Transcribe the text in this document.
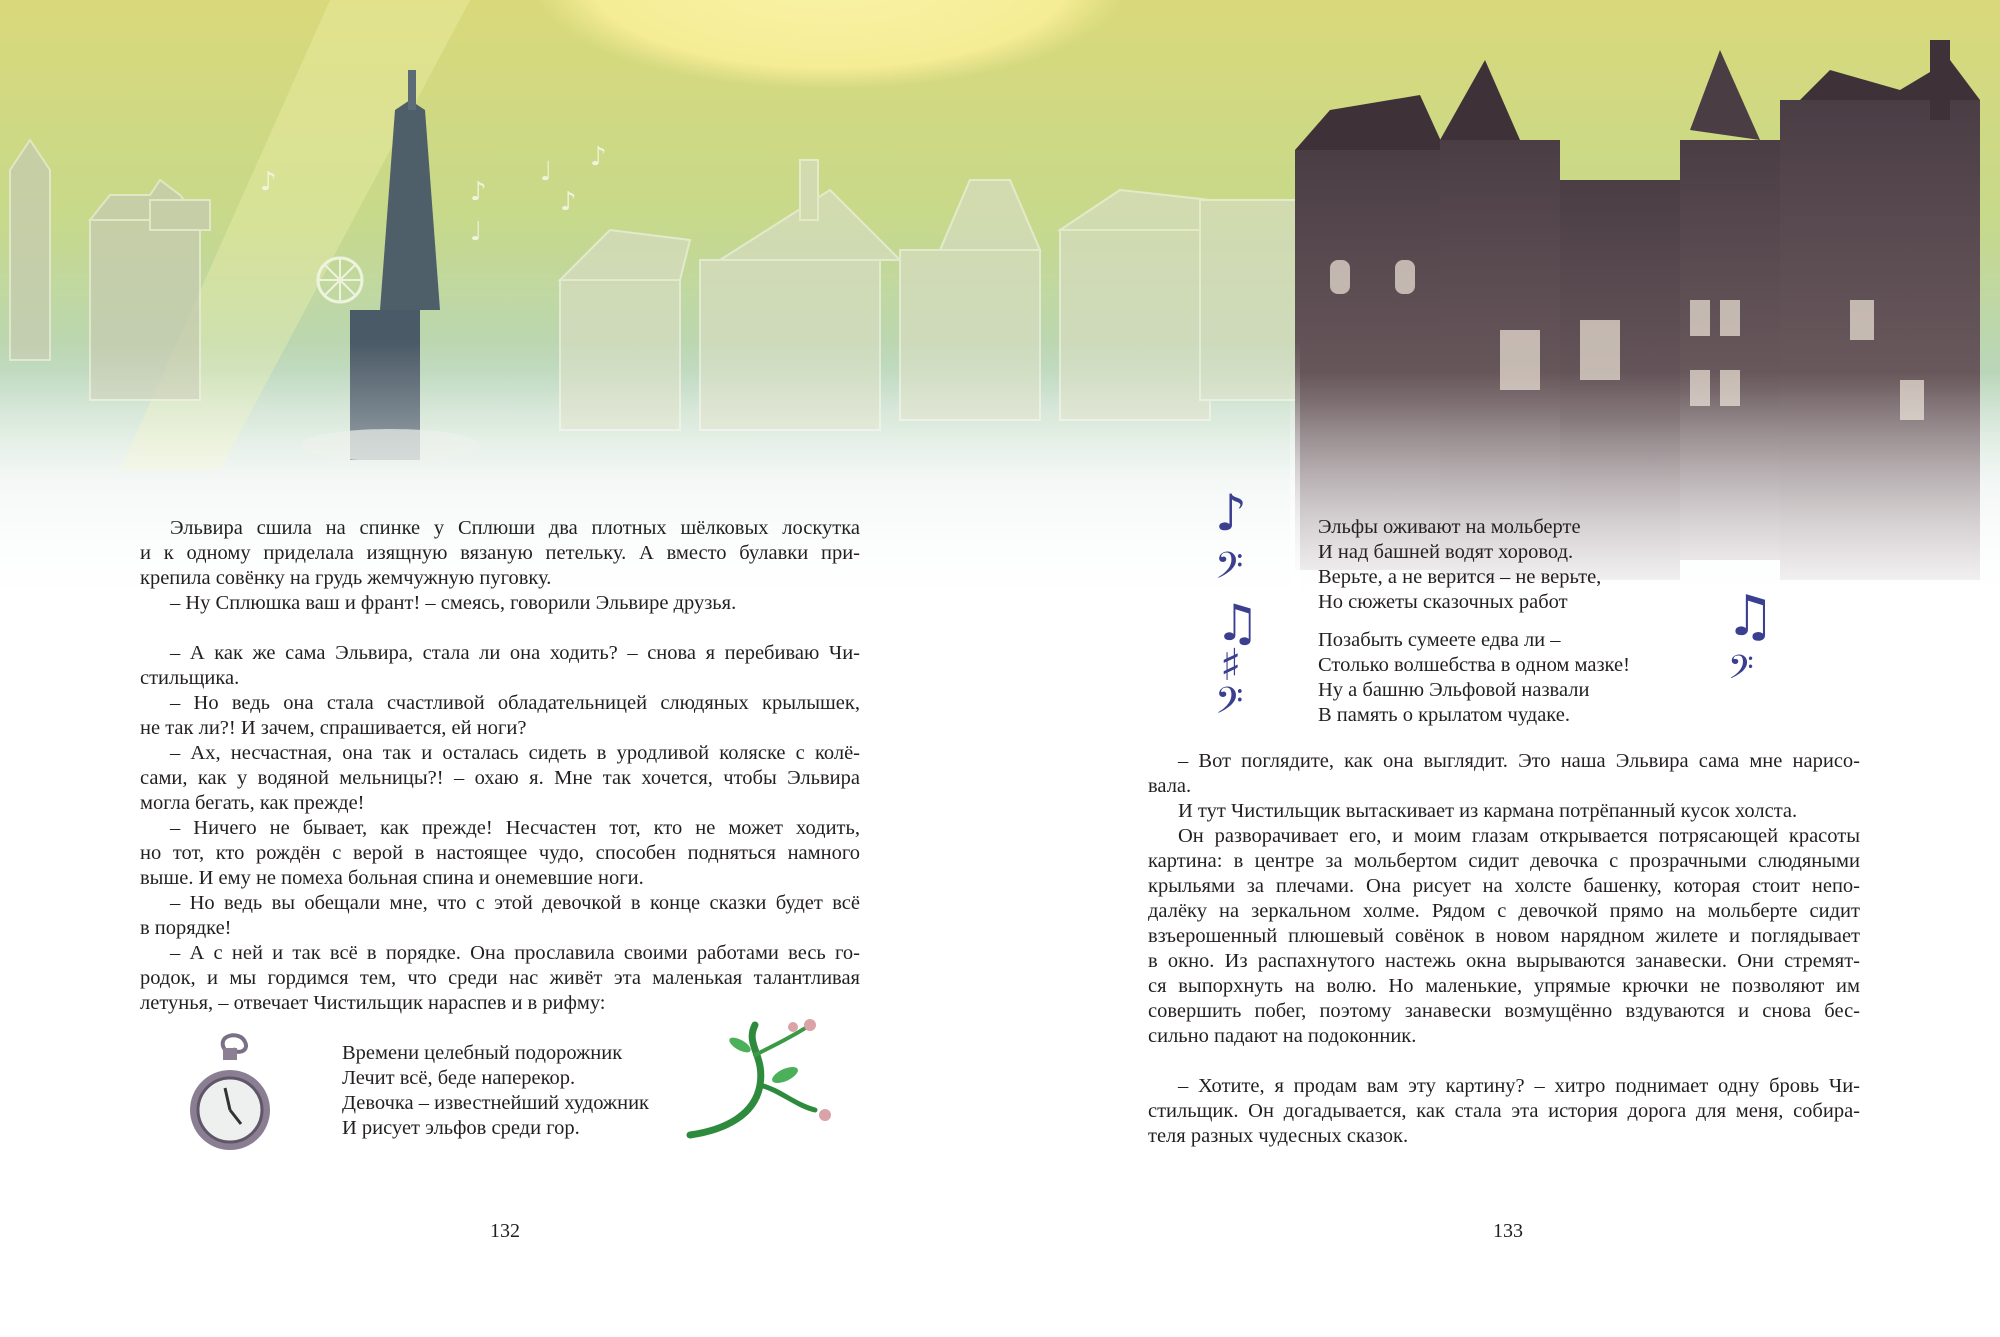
Эльвира сшила на спинке у Сплюши два плотных шёлковых лоскутка

и к одному приделала изящную вязаную петельку. А вместо булавки при-

крепила совёнку на грудь жемчужную пуговку.

– Ну Сплюшка ваш и франт! – смеясь, говорили Эльвире друзья.

– А как же сама Эльвира, стала ли она ходить? – снова я перебиваю Чи-

стильщика.

– Но ведь она стала счастливой обладательницей слюдяных крылышек,

не так ли?! И зачем, спрашивается, ей ноги?

– Ах, несчастная, она так и осталась сидеть в уродливой коляске с колё-

сами, как у водяной мельницы?! – охаю я. Мне так хочется, чтобы Эльвира

могла бегать, как прежде!

– Ничего не бывает, как прежде! Несчастен тот, кто не может ходить,

но тот, кто рождён с верой в настоящее чудо, способен подняться намного

выше. И ему не помеха больная спина и онемевшие ноги.

– Но ведь вы обещали мне, что с этой девочкой в конце сказки будет всё

в порядке!

– А с ней и так всё в порядке. Она прославила своими работами весь го-

родок, и мы гордимся тем, что среди нас живёт эта маленькая талантливая

летунья, – отвечает Чистильщик нараспев и в рифму:

Времени целебный подорожник

Лечит всё, беде наперекор.

Девочка – известнейший художник

И рисует эльфов среди гор.

132
♪
𝄢
♫
♯
𝄢
♫
𝄢

Эльфы оживают на мольберте

И над башней водят хоровод.

Верьте, а не верится – не верьте,

Но сюжеты сказочных работ

Позабыть сумеете едва ли –

Столько волшебства в одном мазке!

Ну а башню Эльфовой назвали

В память о крылатом чудаке.

– Вот поглядите, как она выглядит. Это наша Эльвира сама мне нарисо-

вала.

И тут Чистильщик вытаскивает из кармана потрёпанный кусок холста.

Он разворачивает его, и моим глазам открывается потрясающей красоты

картина: в центре за мольбертом сидит девочка с прозрачными слюдяными

крыльями за плечами. Она рисует на холсте башенку, которая стоит непо-

далёку на зеркальном холме. Рядом с девочкой прямо на мольберте сидит

взъерошенный плюшевый совёнок в новом нарядном жилете и поглядывает

в окно. Из распахнутого настежь окна вырываются занавески. Они стремят-

ся выпорхнуть на волю. Но маленькие, упрямые крючки не позволяют им

совершить побег, поэтому занавески возмущённо вздуваются и снова бес-

сильно падают на подоконник.

– Хотите, я продам вам эту картину? – хитро поднимает одну бровь Чи-

стильщик. Он догадывается, как стала эта история дорога для меня, собира-

теля разных чудесных сказок.

133
